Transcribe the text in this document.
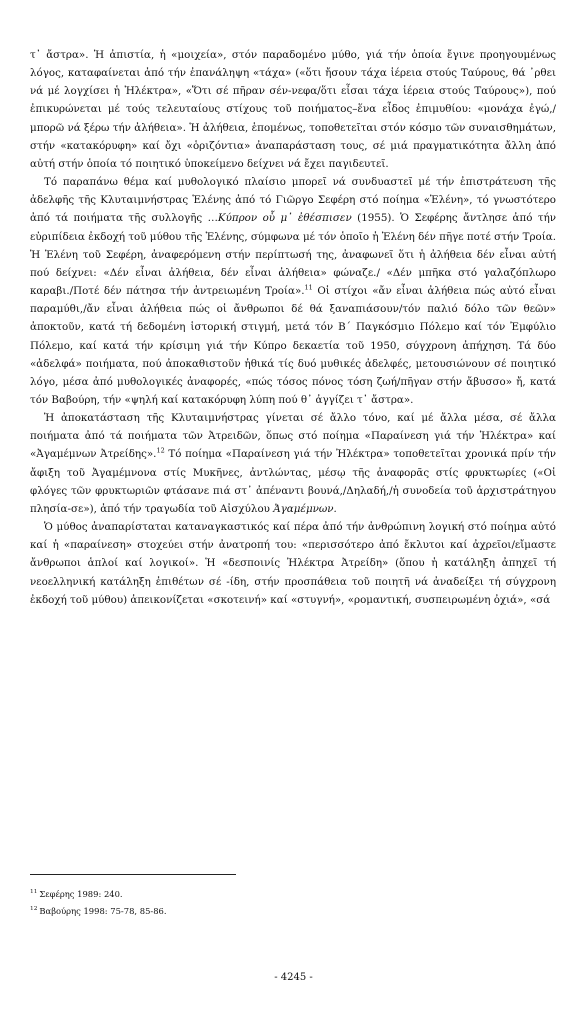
τ᾽ ἄστρα». Ἡ ἀπιστία, ἡ «μοιχεία», στόν παραδομένο μύθο, γιά τήν ὁποία ἔγινε προηγουμένως λόγος, καταφαίνεται ἀπό τήν ἐπανάληψη «τάχα» («ὅτι ἤσουν τάχα ἱέρεια στούς Ταύρους, θά ᾽ρθει νά μέ λογχίσει ἡ Ἠλέκτρα», «Ὅτι σέ πῆραν σέν-νεφα/ὅτι εἶσαι τάχα ἱέρεια στούς Ταύρους»), πού ἐπικυρώνεται μέ τούς τελευταίους στίχους τοῦ ποιήματος–ἕνα εἶδος ἐπιμυθίου: «μονάχα ἐγώ,/μπορῶ νά ξέρω τήν ἀλήθεια». Ἡ ἀλήθεια, ἑπομένως, τοποθετεῖται στόν κόσμο τῶν συναισθημάτων, στήν «κατακόρυφη» καί ὄχι «ὁριζόντια» ἀναπαράσταση τους, σέ μιά πραγματικότητα ἄλλη ἀπό αὐτή στήν ὁποία τό ποιητικό ὑποκείμενο δείχνει νά ἔχει παγιδευτεῖ.

Τό παραπάνω θέμα καί μυθολογικό πλαίσιο μπορεῖ νά συνδυαστεῖ μέ τήν ἐπιστράτευση τῆς ἀδελφῆς τῆς Κλυταιμνήστρας Ἑλένης ἀπό τό Γιῶργο Σεφέρη στό ποίημα «Ἑλένη», τό γνωστότερο ἀπό τά ποιήματα τῆς συλλογῆς …Κύπρον οὗ μ᾽ ἐθέσπισεν (1955). Ὁ Σεφέρης ἄντλησε ἀπό τήν εὐριπίδεια ἐκδοχή τοῦ μύθου τῆς Ἑλένης, σύμφωνα μέ τόν ὁποῖο ἡ Ἑλένη δέν πῆγε ποτέ στήν Τροία. Ἡ Ἑλένη τοῦ Σεφέρη, ἀναφερόμενη στήν περίπτωσή της, ἀναφωνεῖ ὅτι ἡ ἀλήθεια δέν εἶναι αὐτή πού δείχνει: «Δέν εἶναι ἀλήθεια, δέν εἶναι ἀλήθεια» φώναζε./ «Δέν μπῆκα στό γαλαζόπλωρο καραβι./Ποτέ δέν πάτησα τήν ἀντρειωμένη Τροία».$^{11}$ Οἱ στίχοι «ἄν εἶναι ἀλήθεια πώς αὐτό εἶναι παραμύθι,/ἄν εἶναι ἀλήθεια πώς οἱ ἄνθρωποι δέ θά ξαναπιάσουν/τόν παλιό δόλο τῶν θεῶν» ἀποκτοῦν, κατά τή δεδομένη ἱστορική στιγμή, μετά τόν Β΄ Παγκόσμιο Πόλεμο καί τόν Ἐμφύλιο Πόλεμο, καί κατά τήν κρίσιμη γιά τήν Κύπρο δεκαετία τοῦ 1950, σύγχρονη ἀπήχηση. Τά δύο «ἀδελφά» ποιήματα, πού ἀποκαθιστοῦν ἠθικά τίς δυό μυθικές ἀδελφές, μετουσιώνουν σέ ποιητικό λόγο, μέσα ἀπό μυθολογικές ἀναφορές, «πώς τόσος πόνος τόση ζωή/πῆγαν στήν ἄβυσσο» ἤ, κατά τόν Βαβούρη, τήν «ψηλή καί κατακόρυφη λύπη πού θ᾽ ἀγγίζει τ᾽ ἄστρα».

Ἡ ἀποκατάσταση τῆς Κλυταιμνήστρας γίνεται σέ ἄλλο τόνο, καί μέ ἄλλα μέσα, σέ ἄλλα ποιήματα ἀπό τά ποιήματα τῶν Ἀτρειδῶν, ὅπως στό ποίημα «Παραίνεση γιά τήν Ἠλέκτρα» καί «Ἀγαμέμνων Ἀτρείδης».$^{12}$ Τό ποίημα «Παραίνεση γιά τήν Ἠλέκτρα» τοποθετεῖται χρονικά πρίν τήν ἄφιξη τοῦ Ἀγαμέμνονα στίς Μυκῆνες, ἀντλώντας, μέσῳ τῆς ἀναφορᾶς στίς φρυκτωρίες («Οἱ φλόγες τῶν φρυκτωριῶν φτάσανε πιά στ᾽ ἀπέναντι βουνά,/Δηλαδή,/ἡ συνοδεία τοῦ ἀρχιστράτηγου πλησία-σε»), ἀπό τήν τραγωδία τοῦ Αἰσχύλου Ἀγαμέμνων.

Ὁ μύθος ἀναπαρίσταται καταναγκαστικός καί πέρα ἀπό τήν ἀνθρώπινη λογική στό ποίημα αὐτό καί ἡ «παραίνεση» στοχεύει στήν ἀνατροπή του: «περισσότερο ἀπό ἔκλυτοι καί ἀχρεῖοι/εἴμαστε ἄνθρωποι ἁπλοί καί λογικοί». Ἡ «δεσποινίς Ἠλέκτρα Ἀτρείδη» (ὅπου ἡ κατάληξη ἀπηχεῖ τή νεοελληνική κατάληξη ἐπιθέτων σέ -ίδη, στήν προσπάθεια τοῦ ποιητῆ νά ἀναδείξει τή σύγχρονη ἐκδοχή τοῦ μύθου) ἀπεικονίζεται «σκοτεινή» καί «στυγνή», «ρομαντική, συσπειρωμένη ὀχιά», «σά

$^{11}$ Σεφέρης 1989: 240.

$^{12}$ Βαβούρης 1998: 75-78, 85-86.

- 4245 -
